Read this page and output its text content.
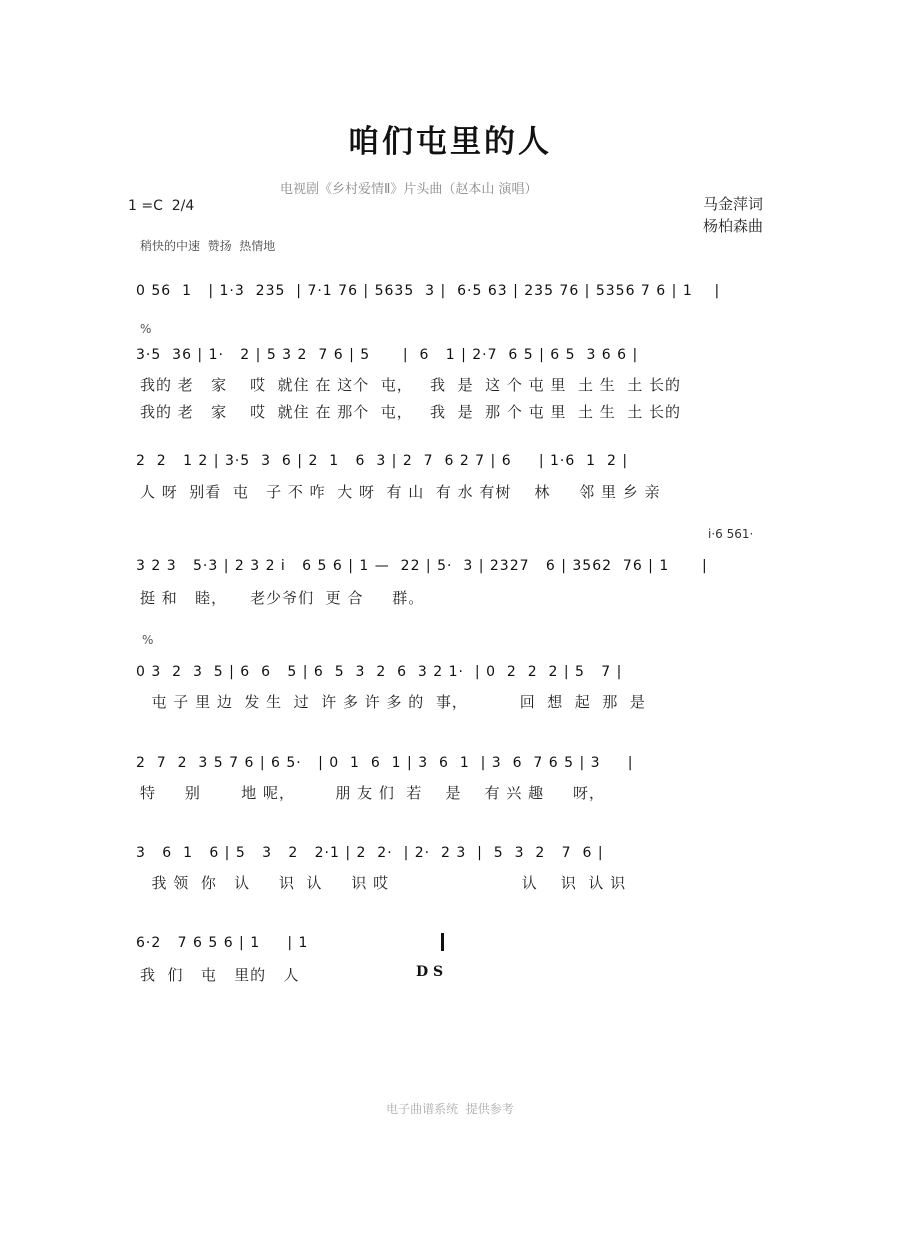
咱们屯里的人
电视剧《乡村爱情Ⅱ》片头曲（赵本山 演唱）
1 =C  2/4	马金萍词
杨柏森曲
稍快的中速  赞扬  热情地
0 56  1   | 1·3  235  | 7·1 76 | 5635  3 |  6·5 63 | 235 76 | 5356 7 6 | 1    |
%
3·5  36 | 1·   2 | 5 3 2  7 6 | 5      |  6   1 | 2·7  6 5 | 6 5  3 6 6 |
我的 老   家    哎  就住 在 这个  屯，   我  是  这 个 屯 里  土 生  土 长的
我的 老   家    哎  就住 在 那个  屯，   我  是  那 个 屯 里  土 生  土 长的
2  2   1 2 | 3·5  3  6 | 2  1   6  3 | 2  7  6 2 7 | 6     | 1·6  1  2 |
人 呀  别看  屯   子 不 咋  大 呀  有 山  有 水 有树    林     邻 里 乡 亲
i·6 561·
3 2 3   5·3 | 2 3 2 i   6 5 6 | 1 —  22 | 5·  3 | 2327   6 | 3562  76 | 1      |
挺 和   睦，    老少爷们  更 合     群。
%
0 3  2  3  5 | 6  6   5 | 6  5  3  2  6  3 2 1·  | 0  2  2  2 | 5   7 |
屯 子 里 边  发 生  过  许 多 许 多 的  事，         回  想  起  那  是
2  7  2  3 5 7 6 | 6 5·   | 0  1  6  1 | 3  6  1  | 3  6  7 6 5 | 3     |
特     别       地 呢，       朋 友 们  若    是    有 兴 趣     呀，
3   6  1   6 | 5   3   2   2·1 | 2  2·  | 2·  2 3  |  5  3  2   7  6 |
我 领  你   认     识  认     识 哎                       认    识  认 识
6·2   7 6 5 6 | 1     | 1
我  们   屯   里的   人	D S
电子曲谱系统  提供参考
